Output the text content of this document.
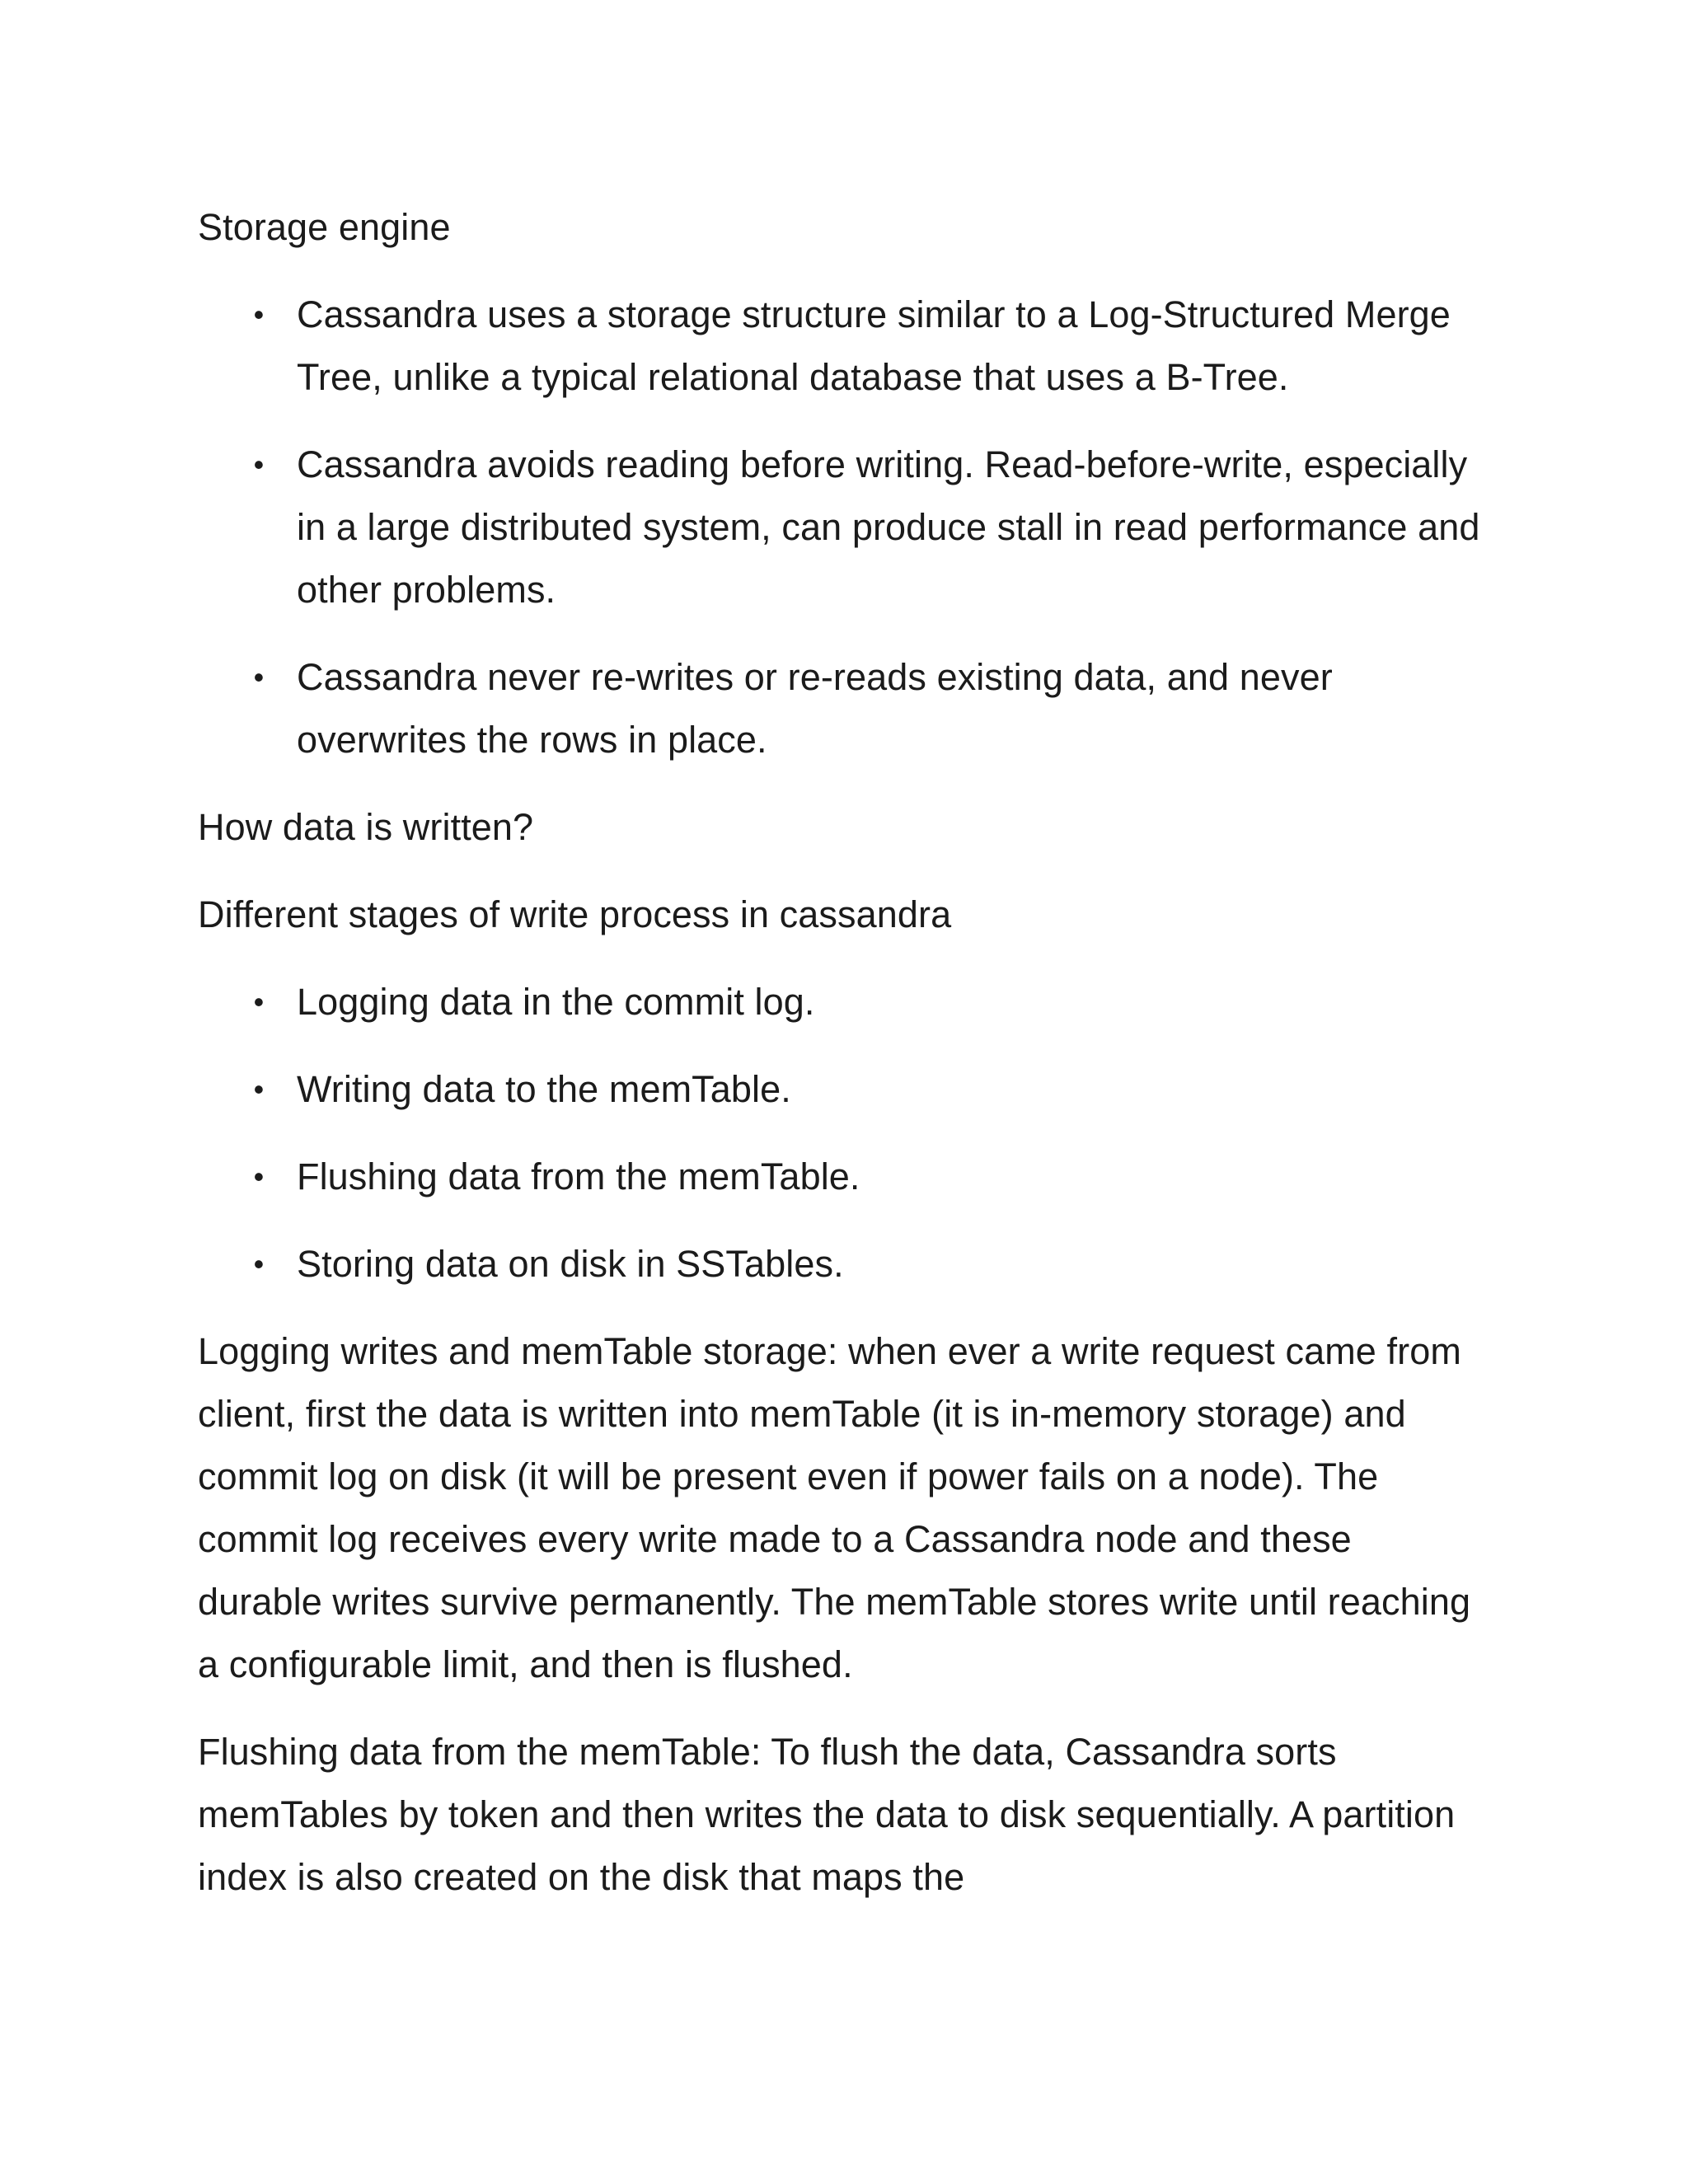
Storage engine

•
Cassandra uses a storage structure similar to a Log-Structured Merge Tree, unlike a typical relational database that uses a B-Tree.
•
Cassandra avoids reading before writing. Read-before-write, especially in a large distributed system, can produce stall in read performance and other problems.
•
Cassandra never re-writes or re-reads existing data, and never overwrites the rows in place.

How data is written?

Different stages of write process in cassandra

•
Logging data in the commit log.
•
Writing data to the memTable.
•
Flushing data from the memTable.
•
Storing data on disk in SSTables.

Logging writes and memTable storage: when ever a write request came from client, first the data is written into memTable (it is in-memory storage) and commit log on disk (it will be present even if power fails on a node). The commit log receives every write made to a Cassandra node and these durable writes survive permanently. The memTable stores write until reaching a configurable limit, and then is flushed.

Flushing data from the memTable: To flush the data, Cassandra sorts memTables by token and then writes the data to disk sequentially. A partition index is also created on the disk that maps the
